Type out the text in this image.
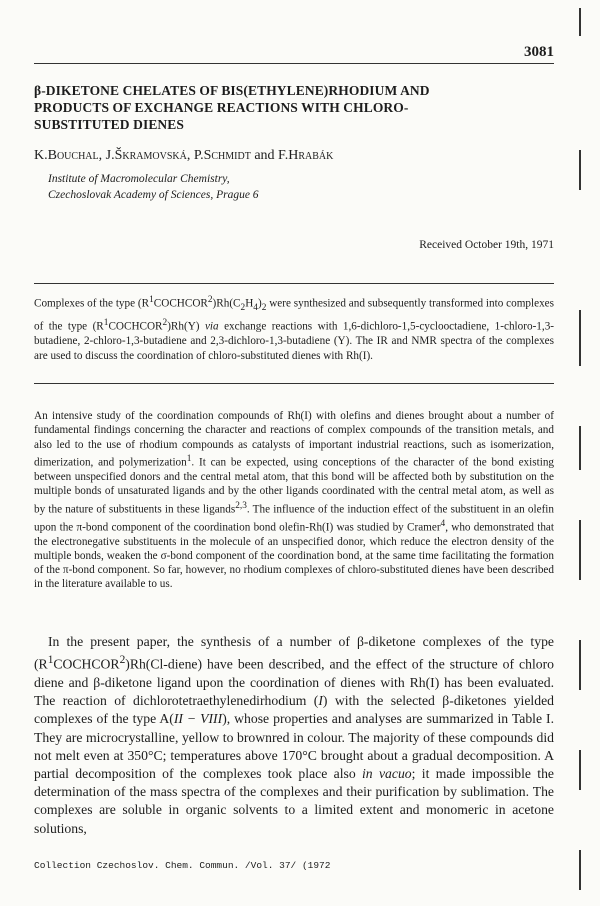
3081
β-DIKETONE CHELATES OF BIS(ETHYLENE)RHODIUM AND
PRODUCTS OF EXCHANGE REACTIONS WITH CHLORO-
SUBSTITUTED DIENES
K.Bouchal, J.Škramovská, P.Schmidt and F.Hrabák
Institute of Macromolecular Chemistry,
Czechoslovak Academy of Sciences, Prague 6
Received October 19th, 1971

Complexes of the type $(R^1COCHCOR^2)Rh(C_2H_4)_2$ were synthesized and subsequently transformed into complexes of the type $(R^1COCHCOR^2)Rh(Y)$ via exchange reactions with 1,6-dichloro-1,5-cyclooctadiene, 1-chloro-1,3-butadiene, 2-chloro-1,3-butadiene and 2,3-dichloro-1,3-butadiene (Y). The IR and NMR spectra of the complexes are used to discuss the coordination of chloro-substituted dienes with Rh(I).

An intensive study of the coordination compounds of Rh(I) with olefins and dienes brought about a number of fundamental findings concerning the character and reactions of complex compounds of the transition metals, and also led to the use of rhodium compounds as catalysts of important industrial reactions, such as isomerization, dimerization, and polymerization$^1$. It can be expected, using conceptions of the character of the bond existing between unspecified donors and the central metal atom, that this bond will be affected both by substitution on the multiple bonds of unsaturated ligands and by the other ligands coordinated with the central metal atom, as well as by the nature of substituents in these ligands$^{2,3}$. The influence of the induction effect of the substituent in an olefin upon the π-bond component of the coordination bond olefin-Rh(I) was studied by Cramer$^4$, who demonstrated that the electronegative substituents in the molecule of an unspecified donor, which reduce the electron density of the multiple bonds, weaken the σ-bond component of the coordination bond, at the same time facilitating the formation of the π-bond component. So far, however, no rhodium complexes of chloro-substituted dienes have been described in the literature available to us.

In the present paper, the synthesis of a number of β-diketone complexes of the type $(R^1COCHCOR^2)Rh(Cl-diene)$ have been described, and the effect of the structure of chloro diene and β-diketone ligand upon the coordination of dienes with Rh(I) has been evaluated. The reaction of dichlorotetraethylenedirhodium (I) with the selected β-diketones yielded complexes of the type A(II − VIII), whose properties and analyses are summarized in Table I. They are microcrystalline, yellow to brownred in colour. The majority of these compounds did not melt even at 350°C; temperatures above 170°C brought about a gradual decomposition. A partial decomposition of the complexes took place also in vacuo; it made impossible the determination of the mass spectra of the complexes and their purification by sublimation. The complexes are soluble in organic solvents to a limited extent and monomeric in acetone solutions,

Collection Czechoslov. Chem. Commun. /Vol. 37/ (1972
